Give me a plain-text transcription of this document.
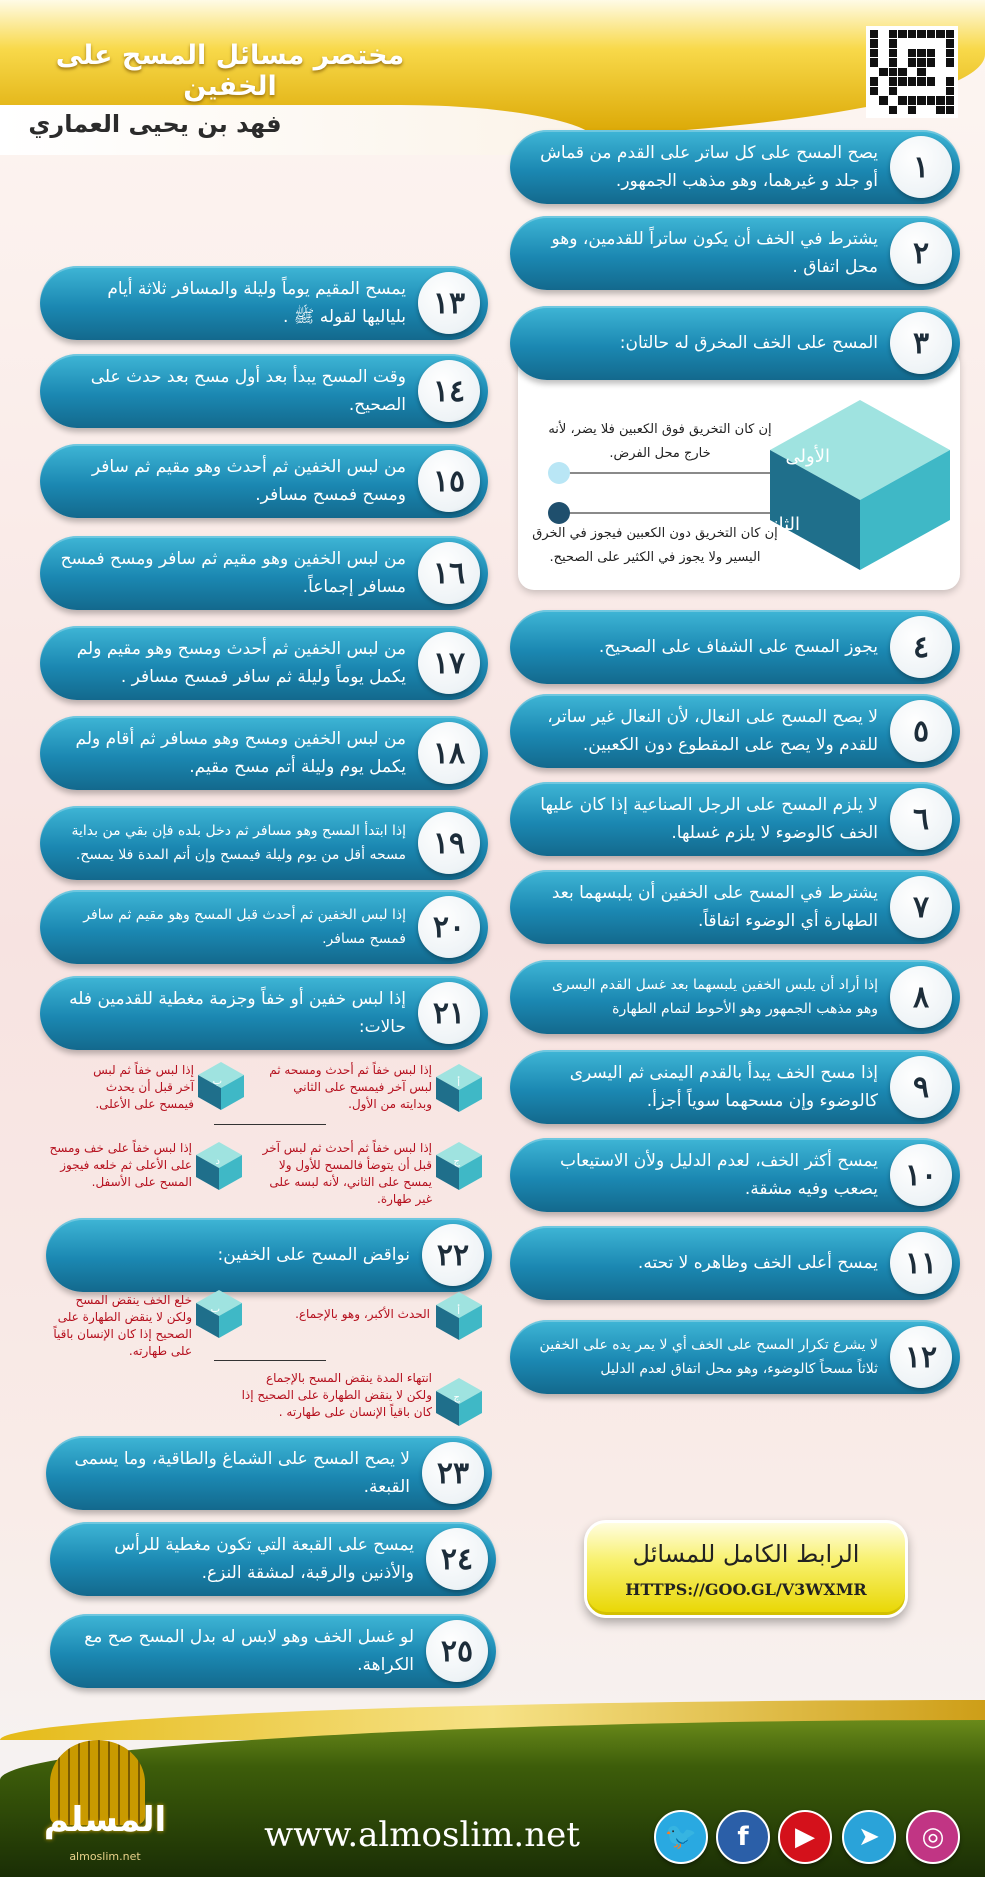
مختصر مسائل المسح على الخفين
فهد بن يحيى العماري
١
يصح المسح على كل ساتر على القدم من قماش أو جلد و غيرهما، وهو مذهب الجمهور.
٢
يشترط في الخف أن يكون ساتراً للقدمين، وهو محل اتفاق .
٣
المسح على الخف المخرق له حالتان:
الأولى
الثانية
إن كان التخريق فوق الكعبين فلا يضر، لأنه خارج محل الفرض.
إن كان التخريق دون الكعبين فيجوز في الخرق اليسير ولا يجوز في الكثير على الصحيح.
٤
يجوز المسح على الشفاف على الصحيح.
٥
لا يصح المسح على النعال، لأن النعال غير ساتر، للقدم ولا يصح على المقطوع دون الكعبين.
٦
لا يلزم المسح على الرجل الصناعية إذا كان عليها الخف كالوضوء لا يلزم غسلها.
٧
يشترط في المسح على الخفين أن يلبسهما بعد الطهارة أي الوضوء اتفاقاً.
٨
إذا أراد أن يلبس الخفين يلبسهما بعد غسل القدم اليسرى وهو مذهب الجمهور وهو الأحوط لتمام الطهارة
٩
إذا مسح الخف يبدأ بالقدم اليمنى ثم اليسرى كالوضوء وإن مسحهما سوياً أجزأ.
١٠
يمسح أكثر الخف، لعدم الدليل ولأن الاستيعاب يصعب وفيه مشقة.
١١
يمسح أعلى الخف وظاهره لا تحته.
١٢
لا يشرع تكرار المسح على الخف أي لا يمر يده على الخفين ثلاثاً مسحاً كالوضوء، وهو محل اتفاق لعدم الدليل
١٣
يمسح المقيم يوماً وليلة والمسافر ثلاثة أيام بلياليها لقوله ﷺ .
١٤
وقت المسح يبدأ بعد أول مسح بعد حدث على الصحيح.
١٥
من لبس الخفين ثم أحدث وهو مقيم ثم سافر ومسح فمسح مسافر.
١٦
من لبس الخفين وهو مقيم ثم سافر ومسح فمسح مسافر إجماعاً.
١٧
من لبس الخفين ثم أحدث ومسح وهو مقيم ولم يكمل يوماً وليلة ثم سافر فمسح مسافر .
١٨
من لبس الخفين ومسح وهو مسافر ثم أقام ولم يكمل يوم وليلة أتم مسح مقيم.
١٩
إذا ابتدأ المسح وهو مسافر ثم دخل بلده فإن بقي من بداية مسحه أقل من يوم وليلة فيمسح وإن أتم المدة فلا يمسح.
٢٠
إذا لبس الخفين ثم أحدث قبل المسح وهو مقيم ثم سافر فمسح مسافر.
٢١
إذا لبس خفين أو خفاً وجزمة مغطية للقدمين فله حالات:
أ
إذا لبس خفاً ثم أحدث ومسحه ثم لبس آخر فيمسح على الثاني وبدايته من الأول.
ب
إذا لبس خفاً ثم لبس آخر قبل أن يحدث فيمسح على الأعلى.
ج
إذا لبس خفاً ثم أحدث ثم لبس آخر قبل أن يتوضأ فالمسح للأول ولا يمسح على الثاني، لأنه لبسه على غير طهارة.
د
إذا لبس خفاً على خف ومسح على الأعلى ثم خلعه فيجوز المسح على الأسفل.
٢٢
نواقض المسح على الخفين:
أ
الحدث الأكبر، وهو بالإجماع.
ب
خلع الخف ينقض المسح ولكن لا ينقض الطهارة على الصحيح إذا كان الإنسان باقياً على طهارته.
ج
انتهاء المدة ينقض المسح بالإجماع ولكن لا ينقض الطهارة على الصحيح إذا كان باقياً الإنسان على طهارته .
٢٣
لا يصح المسح على الشماغ والطاقية، وما يسمى القبعة.
٢٤
يمسح على القبعة التي تكون مغطية للرأس والأذنين والرقبة، لمشقة النزع.
٢٥
لو غسل الخف وهو لابس له بدل المسح صح مع الكراهة.
الرابط الكامل للمسائل
HTTPS://GOO.GL/V3WXMR
المسلم
almoslim.net
www.almoslim.net	🐦 f ▶ ➤ ◎
